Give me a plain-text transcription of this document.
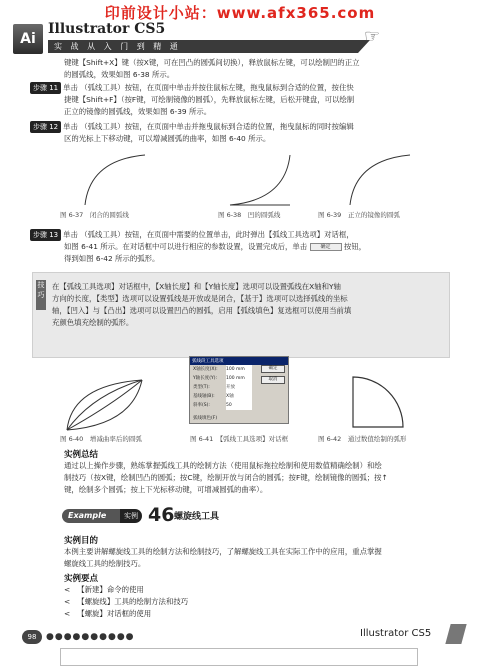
印前设计小站：www.afx365.com
Ai
Illustrator CS5
实 战 从 入 门 到 精 通	☞
键键【Shift+X】键（按X键，可在凹凸的圆弧间切换），释放鼠标左键，可以绘制凹的正立
的圆弧线，效果如图 6-38 所示。
步骤 11 单击 （弧线工具）按钮，在页面中单击并按住鼠标左键，拖曳鼠标到合适的位置，按住快
捷键【Shift+F】（按F键，可绘制镜像的圆弧），先释放鼠标左键，后松开键盘，可以绘制
正立的镜像的圆弧线，效果如图 6-39 所示。
步骤 12 单击 （弧线工具）按钮，在页面中单击并拖曳鼠标到合适的位置，拖曳鼠标的同时按编辑
区的光标上下移动键，可以增减圆弧的曲率，如图 6-40 所示。
图 6-37　闭合的圆弧线	图 6-38　凹的圆弧线	图 6-39　正立的镜像的圆弧
步骤 13 单击 （弧线工具）按钮，在页面中需要的位置单击，此时弹出【弧线工具选项】对话框，
如图 6-41 所示。在对话框中可以进行相应的参数设置，设置完成后，单击	确定 按钮，
得到如图 6-42 所示的弧形。
技巧
在【弧线工具选项】对话框中，【X轴长度】和【Y轴长度】选项可以设置弧线在X轴和Y轴
方向的长度，【类型】选项可以设置弧线是开放或是闭合，【基于】选项可以选择弧线的坐标
轴，【凹入】与【凸出】选项可以设置凹凸的圆弧，启用【弧线填色】复选框可以使用当前填
充颜色填充绘制的弧形。
弧线段工具选项
X轴长度(X):
Y轴长度(Y):
类型(T):
基线轴(B):
斜率(S):
100 mm
100 mm
开放
X轴
50
确定
取消
弧线填色(F)
图 6-40　增减曲率后的圆弧	图 6-41　【弧线工具选项】对话框	图 6-42　通过数值绘制的弧形
实例总结
通过以上操作步骤，熟练掌握弧线工具的绘制方法（使用鼠标拖拉绘制和使用数值精确绘制）和绘
制技巧（按X键，绘制凹凸的圆弧；按C键，绘制开放与闭合的圆弧；按F键，绘制镜像的圆弧；按↑
键，绘制多个圆弧；按上下光标移动键，可增减圆弧的曲率）。
Example	实例 46 螺旋线工具
实例目的
本例主要讲解螺旋线工具的绘制方法和绘制技巧，了解螺旋线工具在实际工作中的应用，重点掌握
螺旋线工具的绘制技巧。
实例要点
<   【新建】命令的使用
<   【螺旋线】工具的绘制方法和技巧
<   【螺旋】对话框的使用
98	●●●●●●●●●●	Illustrator CS5
